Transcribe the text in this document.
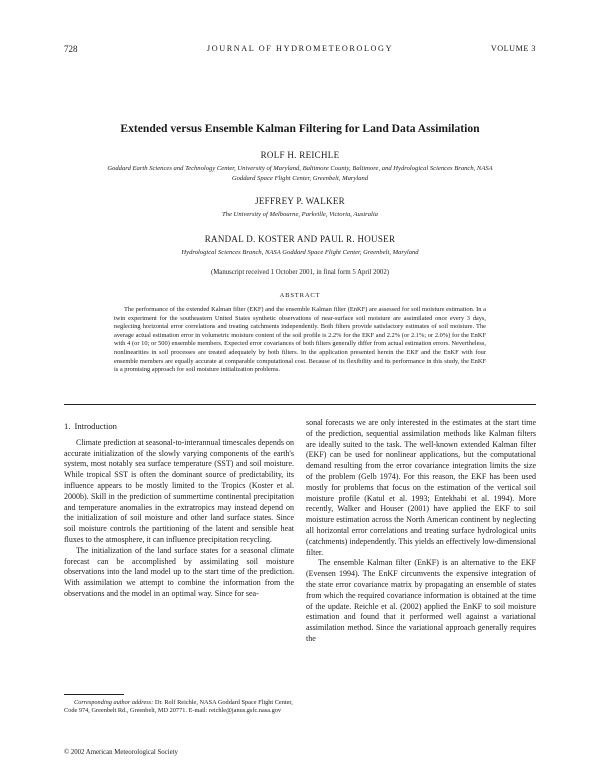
728	JOURNAL OF HYDROMETEOROLOGY	VOLUME 3
Extended versus Ensemble Kalman Filtering for Land Data Assimilation
ROLF H. REICHLE
Goddard Earth Sciences and Technology Center, University of Maryland, Baltimore County, Baltimore, and Hydrological Sciences Branch, NASA Goddard Space Flight Center, Greenbelt, Maryland
JEFFREY P. WALKER
The University of Melbourne, Parkville, Victoria, Australia
RANDAL D. KOSTER AND PAUL R. HOUSER
Hydrological Sciences Branch, NASA Goddard Space Flight Center, Greenbelt, Maryland
(Manuscript received 1 October 2001, in final form 5 April 2002)
ABSTRACT

The performance of the extended Kalman filter (EKF) and the ensemble Kalman filter (EnKF) are assessed for soil moisture estimation. In a twin experiment for the southeastern United States synthetic observations of near-surface soil moisture are assimilated once every 3 days, neglecting horizontal error correlations and treating catchments independently. Both filters provide satisfactory estimates of soil moisture. The average actual estimation error in volumetric moisture content of the soil profile is 2.2% for the EKF and 2.2% (or 2.1%; or 2.0%) for the EnKF with 4 (or 10; or 500) ensemble members. Expected error covariances of both filters generally differ from actual estimation errors. Nevertheless, nonlinearities in soil processes are treated adequately by both filters. In the application presented herein the EKF and the EnKF with four ensemble members are equally accurate at comparable computational cost. Because of its flexibility and its performance in this study, the EnKF is a promising approach for soil moisture initialization problems.

1. Introduction

Climate prediction at seasonal-to-interannual timescales depends on accurate initialization of the slowly varying components of the earth's system, most notably sea surface temperature (SST) and soil moisture. While tropical SST is often the dominant source of predictability, its influence appears to be mostly limited to the Tropics (Koster et al. 2000b). Skill in the prediction of summertime continental precipitation and temperature anomalies in the extratropics may instead depend on the initialization of soil moisture and other land surface states. Since soil moisture controls the partitioning of the latent and sensible heat fluxes to the atmosphere, it can influence precipitation recycling.

The initialization of the land surface states for a seasonal climate forecast can be accomplished by assimilating soil moisture observations into the land model up to the start time of the prediction. With assimilation we attempt to combine the information from the observations and the model in an optimal way. Since for sea-

sonal forecasts we are only interested in the estimates at the start time of the prediction, sequential assimilation methods like Kalman filters are ideally suited to the task. The well-known extended Kalman filter (EKF) can be used for nonlinear applications, but the computational demand resulting from the error covariance integration limits the size of the problem (Gelb 1974). For this reason, the EKF has been used mostly for problems that focus on the estimation of the vertical soil moisture profile (Katul et al. 1993; Entekhabi et al. 1994). More recently, Walker and Houser (2001) have applied the EKF to soil moisture estimation across the North American continent by neglecting all horizontal error correlations and treating surface hydrological units (catchments) independently. This yields an effectively low-dimensional filter.

The ensemble Kalman filter (EnKF) is an alternative to the EKF (Evensen 1994). The EnKF circumvents the expensive integration of the state error covariance matrix by propagating an ensemble of states from which the required covariance information is obtained at the time of the update. Reichle et al. (2002) applied the EnKF to soil moisture estimation and found that it performed well against a variational assimilation method. Since the variational approach generally requires the

Corresponding author address: Dr. Rolf Reichle, NASA Goddard Space Flight Center, Code 974, Greenbelt Rd., Greenbelt, MD 20771. E-mail: reichle@janus.gsfc.nasa.gov

© 2002 American Meteorological Society
